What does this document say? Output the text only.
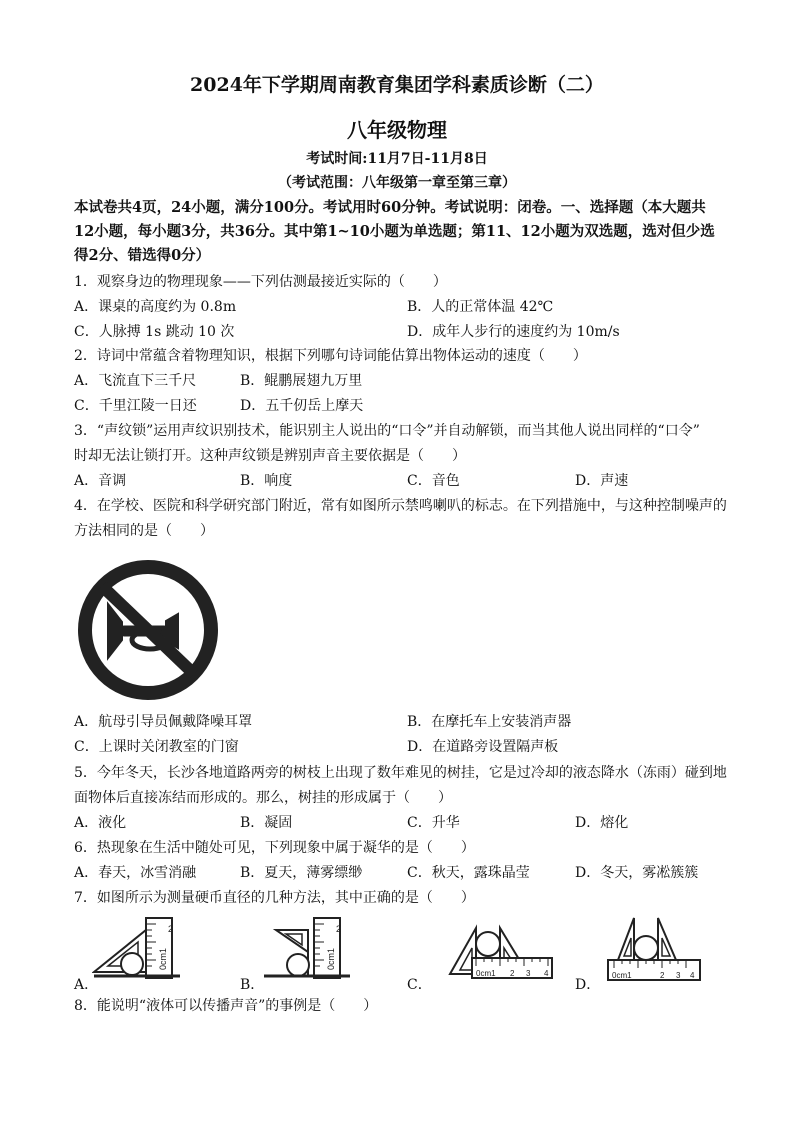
2024年下学期周南教育集团学科素质诊断（二）
八年级物理
考试时间:11月7日-11月8日
（考试范围：八年级第一章至第三章）
本试卷共4页，24小题，满分100分。考试用时60分钟。考试说明：闭卷。一、选择题（本大题共12小题，每小题3分，共36分。其中第1~10小题为单选题；第11、12小题为双选题，选对但少选得2分、错选得0分）
1．观察身边的物理现象——下列估测最接近实际的（　　）
A．课桌的高度约为 0.8m	B．人的正常体温 42℃
C．人脉搏 1s 跳动 10 次	D．成年人步行的速度约为 10m/s
2．诗词中常蕴含着物理知识，根据下列哪句诗词能估算出物体运动的速度（　　）
A．飞流直下三千尺	B．鲲鹏展翅九万里
C．千里江陵一日还	D．五千仞岳上摩天
3．“声纹锁”运用声纹识别技术，能识别主人说出的“口令”并自动解锁，而当其他人说出同样的“口令”
时却无法让锁打开。这种声纹锁是辨别声音主要依据是（　　）
A．音调	B．响度	C．音色	D．声速
4．在学校、医院和科学研究部门附近，常有如图所示禁鸣喇叭的标志。在下列措施中，与这种控制噪声的
方法相同的是（　　）
A．航母引导员佩戴降噪耳罩	B．在摩托车上安装消声器
C．上课时关闭教室的门窗	D．在道路旁设置隔声板
5．今年冬天，长沙各地道路两旁的树枝上出现了数年难见的树挂，它是过冷却的液态降水（冻雨）碰到地
面物体后直接冻结而形成的。那么，树挂的形成属于（　　）
A．液化	B．凝固	C．升华	D．熔化
6．热现象在生活中随处可见，下列现象中属于凝华的是（　　）
A．春天，冰雪消融	B．夏天，薄雾缥缈	C．秋天，露珠晶莹	D．冬天，雾凇簇簇
7．如图所示为测量硬币直径的几种方法，其中正确的是（　　）
A．
2
0cm1
B．
2
0cm1
C．
0cm1 2 3 4
D．
0cm1	2 3 4
8．能说明“液体可以传播声音”的事例是（　　）
